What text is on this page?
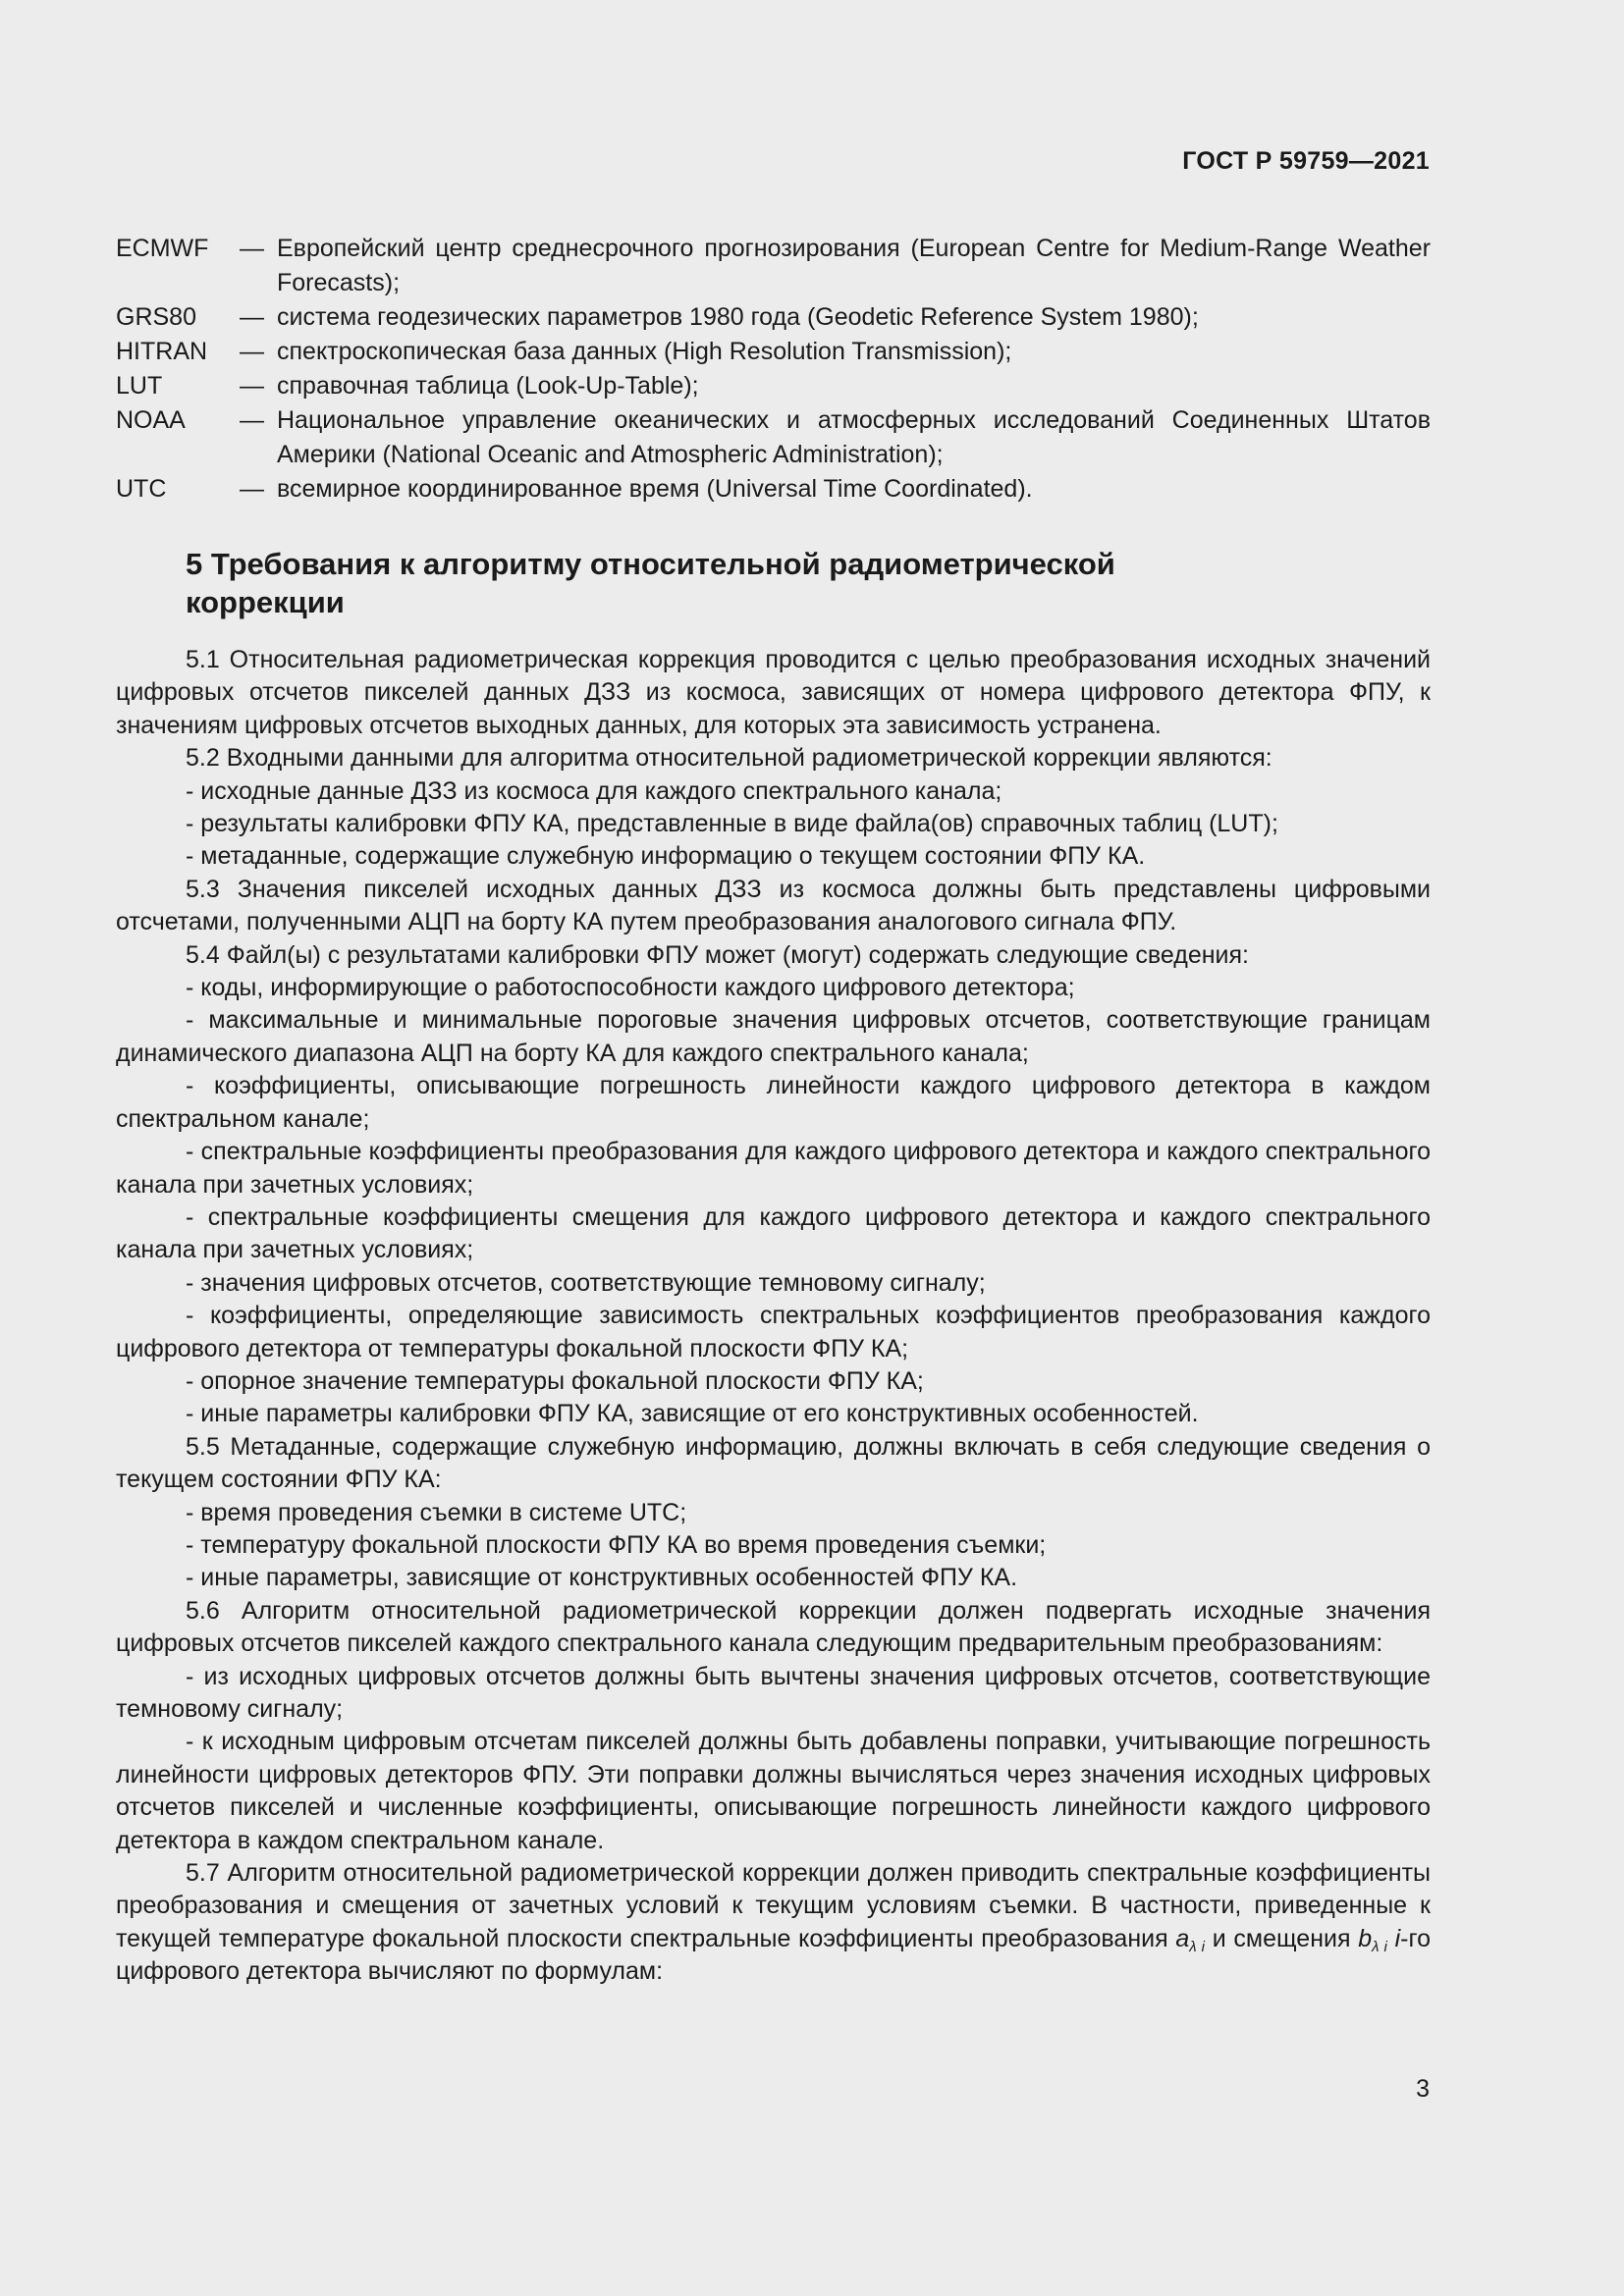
ГОСТ Р 59759—2021
ECMWF	— Европейский центр среднесрочного прогнозирования (European Centre for Medium-Range Weather Forecasts);
GRS80	— система геодезических параметров 1980 года (Geodetic Reference System 1980);
HITRAN	— спектроскопическая база данных (High Resolution Transmission);
LUT	— справочная таблица (Look-Up-Table);
NOAA	— Национальное управление океанических и атмосферных исследований Соединенных Штатов Америки (National Oceanic and Atmospheric Administration);
UTC	— всемирное координированное время (Universal Time Coordinated).
5 Требования к алгоритму относительной радиометрической коррекции

5.1 Относительная радиометрическая коррекция проводится с целью преобразования исходных значений цифровых отсчетов пикселей данных ДЗЗ из космоса, зависящих от номера цифрового детектора ФПУ, к значениям цифровых отсчетов выходных данных, для которых эта зависимость устранена.

5.2 Входными данными для алгоритма относительной радиометрической коррекции являются:

- исходные данные ДЗЗ из космоса для каждого спектрального канала;

- результаты калибровки ФПУ КА, представленные в виде файла(ов) справочных таблиц (LUT);

- метаданные, содержащие служебную информацию о текущем состоянии ФПУ КА.

5.3 Значения пикселей исходных данных ДЗЗ из космоса должны быть представлены цифровыми отсчетами, полученными АЦП на борту КА путем преобразования аналогового сигнала ФПУ.

5.4 Файл(ы) с результатами калибровки ФПУ может (могут) содержать следующие сведения:

- коды, информирующие о работоспособности каждого цифрового детектора;

- максимальные и минимальные пороговые значения цифровых отсчетов, соответствующие границам динамического диапазона АЦП на борту КА для каждого спектрального канала;

- коэффициенты, описывающие погрешность линейности каждого цифрового детектора в каждом спектральном канале;

- спектральные коэффициенты преобразования для каждого цифрового детектора и каждого спектрального канала при зачетных условиях;

- спектральные коэффициенты смещения для каждого цифрового детектора и каждого спектрального канала при зачетных условиях;

- значения цифровых отсчетов, соответствующие темновому сигналу;

- коэффициенты, определяющие зависимость спектральных коэффициентов преобразования каждого цифрового детектора от температуры фокальной плоскости ФПУ КА;

- опорное значение температуры фокальной плоскости ФПУ КА;

- иные параметры калибровки ФПУ КА, зависящие от его конструктивных особенностей.

5.5 Метаданные, содержащие служебную информацию, должны включать в себя следующие сведения о текущем состоянии ФПУ КА:

- время проведения съемки в системе UTC;

- температуру фокальной плоскости ФПУ КА во время проведения съемки;

- иные параметры, зависящие от конструктивных особенностей ФПУ КА.

5.6 Алгоритм относительной радиометрической коррекции должен подвергать исходные значения цифровых отсчетов пикселей каждого спектрального канала следующим предварительным преобразованиям:

- из исходных цифровых отсчетов должны быть вычтены значения цифровых отсчетов, соответствующие темновому сигналу;

- к исходным цифровым отсчетам пикселей должны быть добавлены поправки, учитывающие погрешность линейности цифровых детекторов ФПУ. Эти поправки должны вычисляться через значения исходных цифровых отсчетов пикселей и численные коэффициенты, описывающие погрешность линейности каждого цифрового детектора в каждом спектральном канале.

5.7 Алгоритм относительной радиометрической коррекции должен приводить спектральные коэффициенты преобразования и смещения от зачетных условий к текущим условиям съемки. В частности, приведенные к текущей температуре фокальной плоскости спектральные коэффициенты преобразования $a_{\lambda i}$ и смещения $b_{\lambda i}$ i-го цифрового детектора вычисляют по формулам:

3
